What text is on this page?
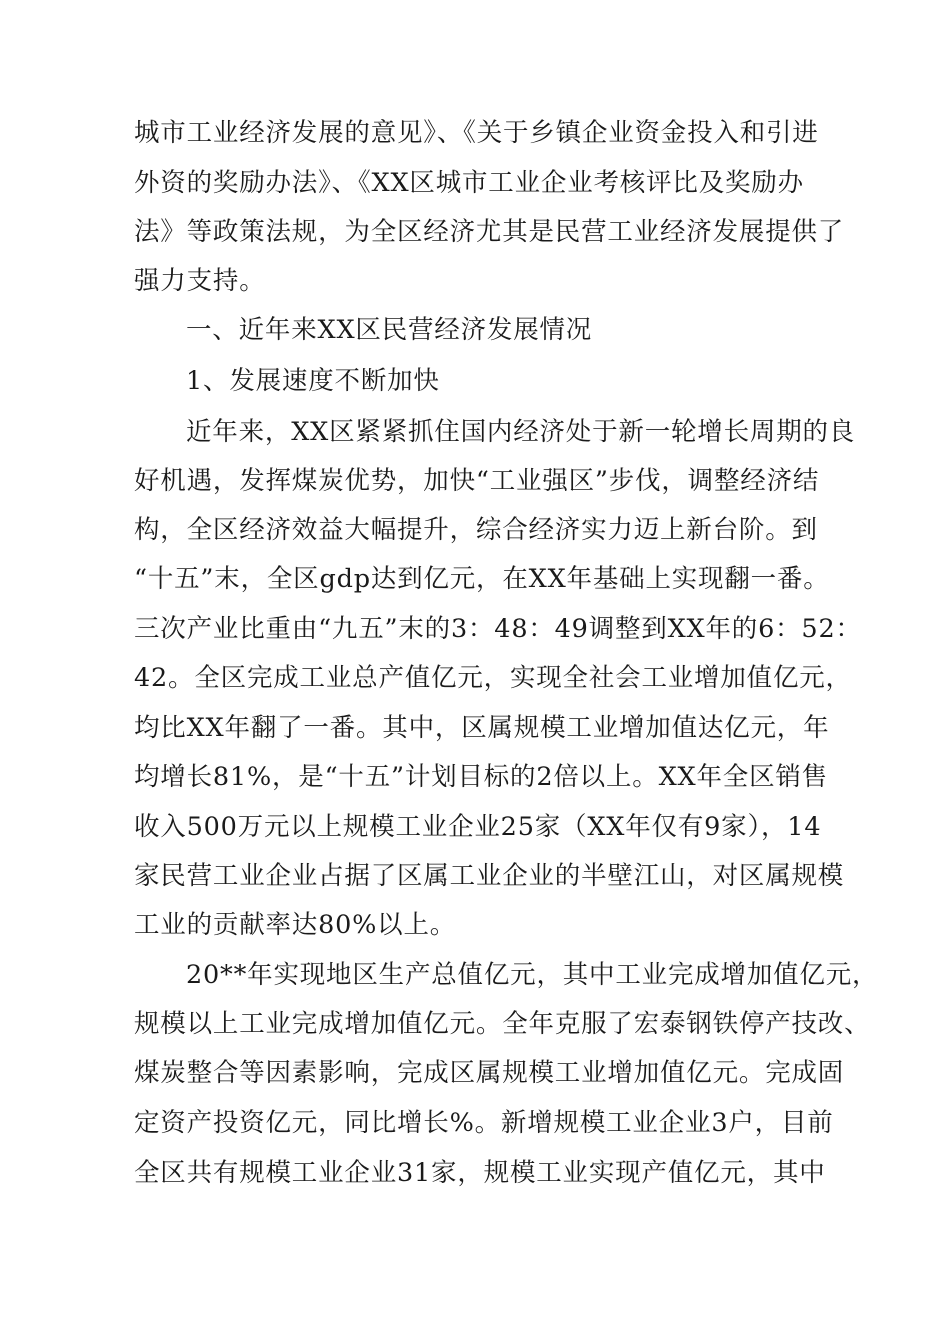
城市工业经济发展的意见》、《关于乡镇企业资金投入和引进
外资的奖励办法》、《XX区城市工业企业考核评比及奖励办
法》等政策法规，为全区经济尤其是民营工业经济发展提供了
强力支持。
一、近年来XX区民营经济发展情况
1、发展速度不断加快
近年来，XX区紧紧抓住国内经济处于新一轮增长周期的良
好机遇，发挥煤炭优势，加快“工业强区”步伐，调整经济结
构，全区经济效益大幅提升，综合经济实力迈上新台阶。到
“十五”末，全区gdp达到亿元，在XX年基础上实现翻一番。
三次产业比重由“九五”末的3：48：49调整到XX年的6：52：
42。全区完成工业总产值亿元，实现全社会工业增加值亿元，
均比XX年翻了一番。其中，区属规模工业增加值达亿元，年
均增长81%，是“十五”计划目标的2倍以上。XX年全区销售
收入500万元以上规模工业企业25家（XX年仅有9家），14
家民营工业企业占据了区属工业企业的半壁江山，对区属规模
工业的贡献率达80%以上。
20**年实现地区生产总值亿元，其中工业完成增加值亿元，
规模以上工业完成增加值亿元。全年克服了宏泰钢铁停产技改、
煤炭整合等因素影响，完成区属规模工业增加值亿元。完成固
定资产投资亿元，同比增长%。新增规模工业企业3户，目前
全区共有规模工业企业31家，规模工业实现产值亿元，其中
